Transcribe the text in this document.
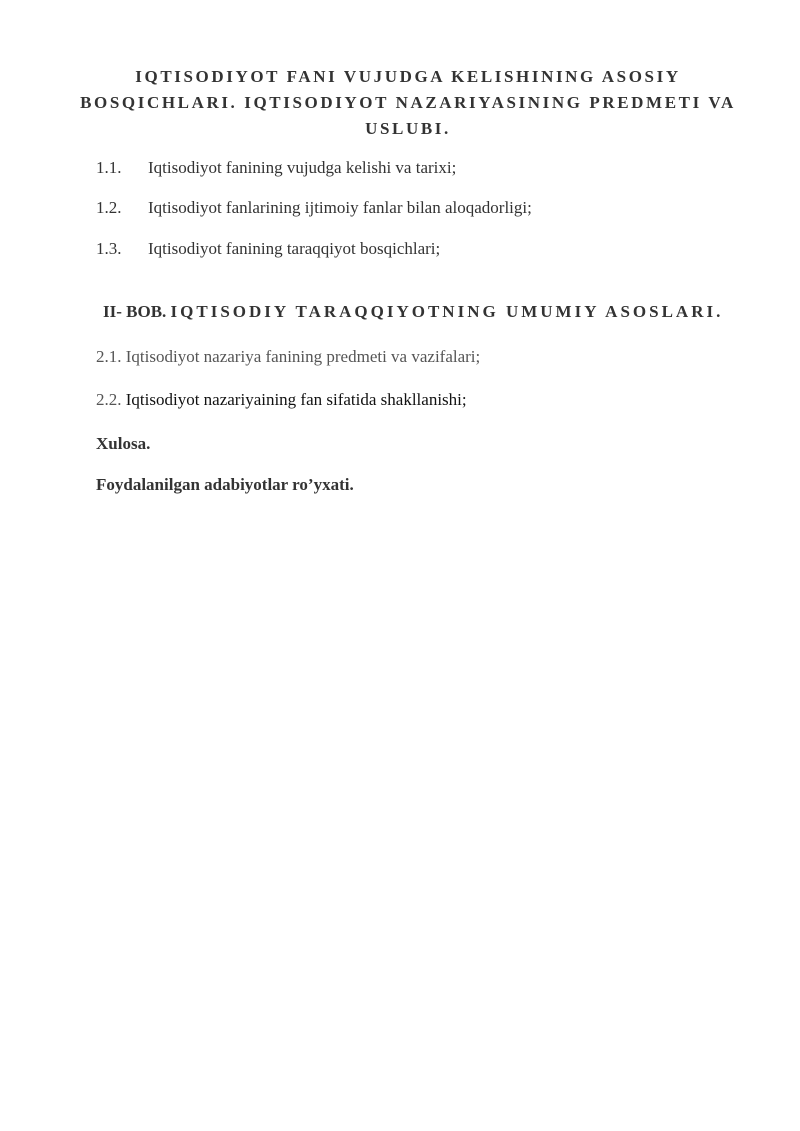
IQTISODIYOT FANI VUJUDGA KELISHINING ASOSIY BOSQICHLARI. IQTISODIYOT NAZARIYASINING PREDMETI VA USLUBI.
1.1. Iqtisodiyot fanining vujudga kelishi va tarixi;
1.2. Iqtisodiyot fanlarining ijtimoiy fanlar bilan aloqadorligi;
1.3. Iqtisodiyot fanining taraqqiyot bosqichlari;
II- BOB. IQTISODIY TARAQQIYOTNING UMUMIY ASOSLARI.
2.1. Iqtisodiyot nazariya fanining predmeti va vazifalari;
2.2. Iqtisodiyot nazariyaining fan sifatida shakllanishi;
Xulosa.
Foydalanilgan adabiyotlar ro’yxati.
